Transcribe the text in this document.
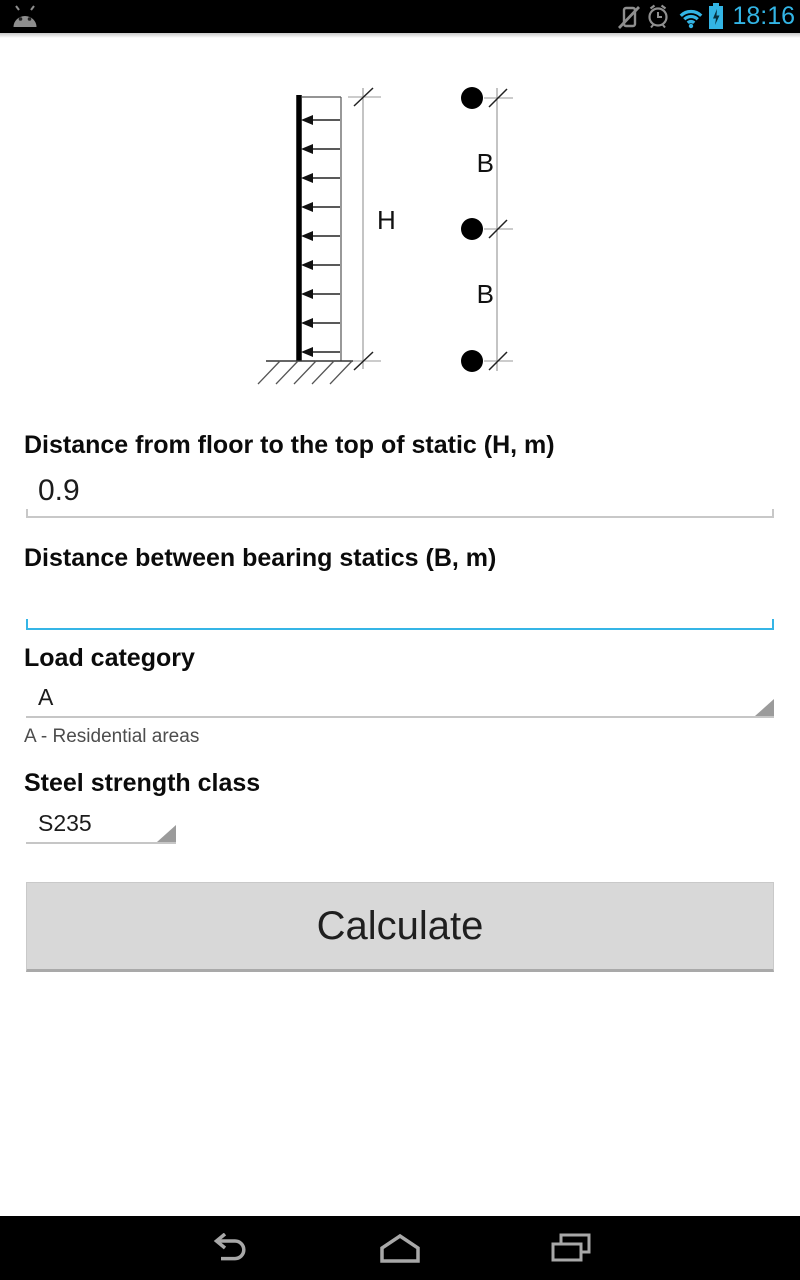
18:16
H
B
B
Distance from floor to the top of static (H, m)
0.9
Distance between bearing statics (B, m)
Load category
A
A - Residential areas
Steel strength class
S235
Calculate
